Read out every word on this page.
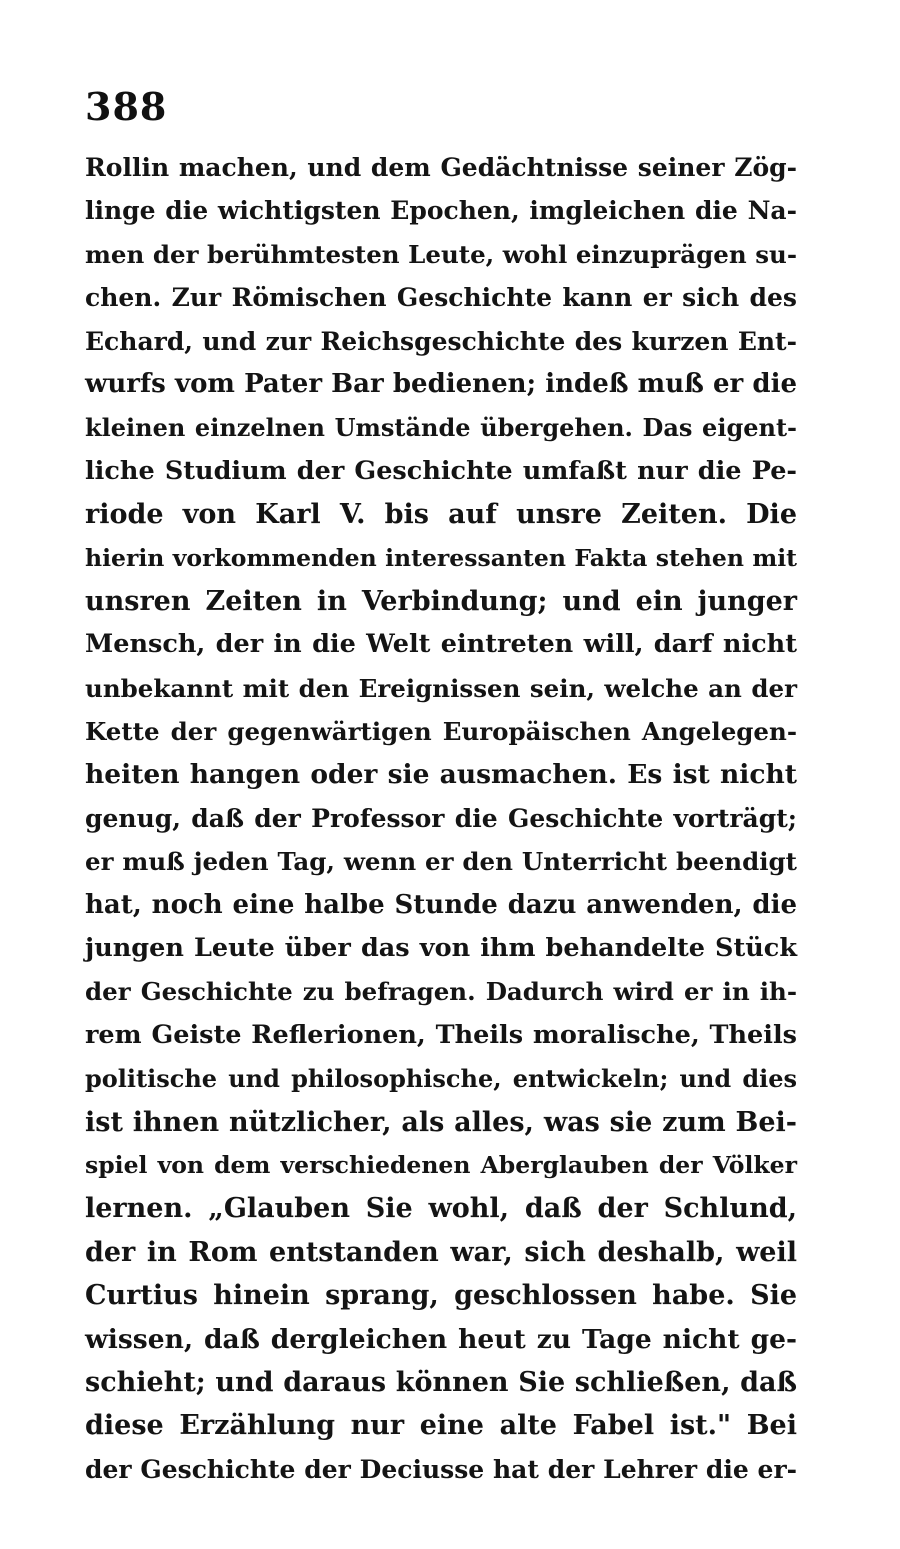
388
Rollin machen, und dem Gedächtnisse seiner Zög-
linge die wichtigsten Epochen, imgleichen die Na-
men der berühmtesten Leute, wohl einzuprägen su-
chen. Zur Römischen Geschichte kann er sich des
Echard, und zur Reichsgeschichte des kurzen Ent-
wurfs vom Pater Bar bedienen; indeß muß er die
kleinen einzelnen Umstände übergehen. Das eigent-
liche Studium der Geschichte umfaßt nur die Pe-
riode von Karl V. bis auf unsre Zeiten. Die
hierin vorkommenden interessanten Fakta stehen mit
unsren Zeiten in Verbindung; und ein junger
Mensch, der in die Welt eintreten will, darf nicht
unbekannt mit den Ereignissen sein, welche an der
Kette der gegenwärtigen Europäischen Angelegen-
heiten hangen oder sie ausmachen. Es ist nicht
genug, daß der Professor die Geschichte vorträgt;
er muß jeden Tag, wenn er den Unterricht beendigt
hat, noch eine halbe Stunde dazu anwenden, die
jungen Leute über das von ihm behandelte Stück
der Geschichte zu befragen. Dadurch wird er in ih-
rem Geiste Reflerionen, Theils moralische, Theils
politische und philosophische, entwickeln; und dies
ist ihnen nützlicher, als alles, was sie zum Bei-
spiel von dem verschiedenen Aberglauben der Völker
lernen. „Glauben Sie wohl, daß der Schlund,
der in Rom entstanden war, sich deshalb, weil
Curtius hinein sprang, geschlossen habe. Sie
wissen, daß dergleichen heut zu Tage nicht ge-
schieht; und daraus können Sie schließen, daß
diese Erzählung nur eine alte Fabel ist." Bei
der Geschichte der Deciusse hat der Lehrer die er-
